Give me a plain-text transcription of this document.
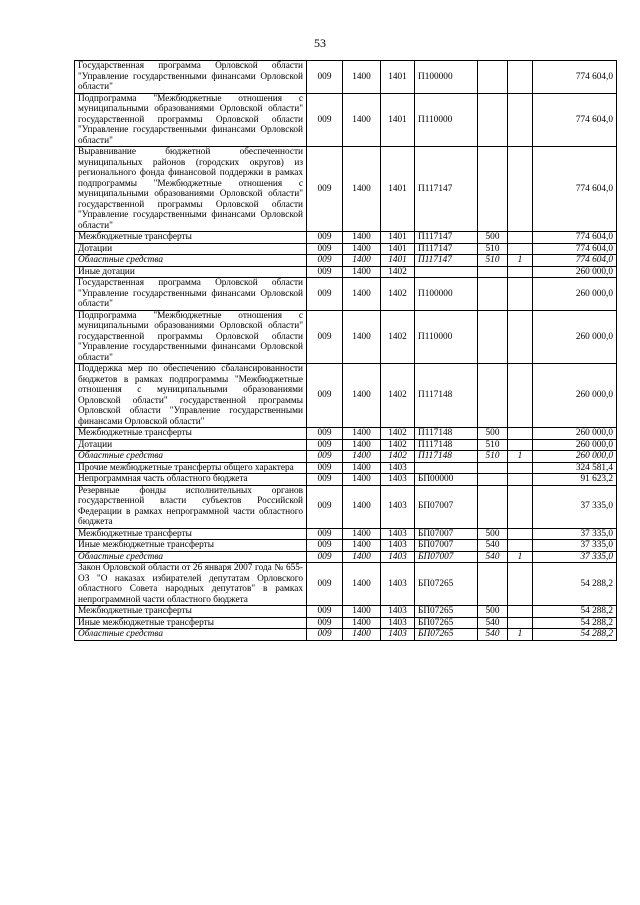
53
Государственная программа Орловской области "Управление государственными финансами Орловской области"	009	1400	1401	П100000			774 604,0
Подпрограмма "Межбюджетные отношения с муниципальными образованиями Орловской области" государственной программы Орловской области "Управление государственными финансами Орловской области"	009	1400	1401	П110000			774 604,0
Выравнивание бюджетной обеспеченности муниципальных районов (городских округов) из регионального фонда финансовой поддержки в рамках подпрограммы "Межбюджетные отношения с муниципальными образованиями Орловской области" государственной программы Орловской области "Управление государственными финансами Орловской области"	009	1400	1401	П117147			774 604,0
Межбюджетные трансферты	009	1400	1401	П117147	500		774 604,0
Дотации	009	1400	1401	П117147	510		774 604,0
Областные средства	009	1400	1401	П117147	510	1	774 604,0
Иные дотации	009	1400	1402				260 000,0
Государственная программа Орловской области "Управление государственными финансами Орловской области"	009	1400	1402	П100000			260 000,0
Подпрограмма "Межбюджетные отношения с муниципальными образованиями Орловской области" государственной программы Орловской области "Управление государственными финансами Орловской области"	009	1400	1402	П110000			260 000,0
Поддержка мер по обеспечению сбалансированности бюджетов в рамках подпрограммы "Межбюджетные отношения с муниципальными образованиями Орловской области" государственной программы Орловской области "Управление государственными финансами Орловской области"	009	1400	1402	П117148			260 000,0
Межбюджетные трансферты	009	1400	1402	П117148	500		260 000,0
Дотации	009	1400	1402	П117148	510		260 000,0
Областные средства	009	1400	1402	П117148	510	1	260 000,0
Прочие межбюджетные трансферты общего характера	009	1400	1403				324 581,4
Непрограммная часть областного бюджета	009	1400	1403	БП00000			91 623,2
Резервные фонды исполнительных органов государственной власти субъектов Российской Федерации в рамках непрограммной части областного бюджета	009	1400	1403	БП07007			37 335,0
Межбюджетные трансферты	009	1400	1403	БП07007	500		37 335,0
Иные межбюджетные трансферты	009	1400	1403	БП07007	540		37 335,0
Областные средства	009	1400	1403	БП07007	540	1	37 335,0
Закон Орловской области от 26 января 2007 года № 655-ОЗ "О наказах избирателей депутатам Орловского областного Совета народных депутатов" в рамках непрограммной части областного бюджета	009	1400	1403	БП07265			54 288,2
Межбюджетные трансферты	009	1400	1403	БП07265	500		54 288,2
Иные межбюджетные трансферты	009	1400	1403	БП07265	540		54 288,2
Областные средства	009	1400	1403	БП07265	540	1	54 288,2
